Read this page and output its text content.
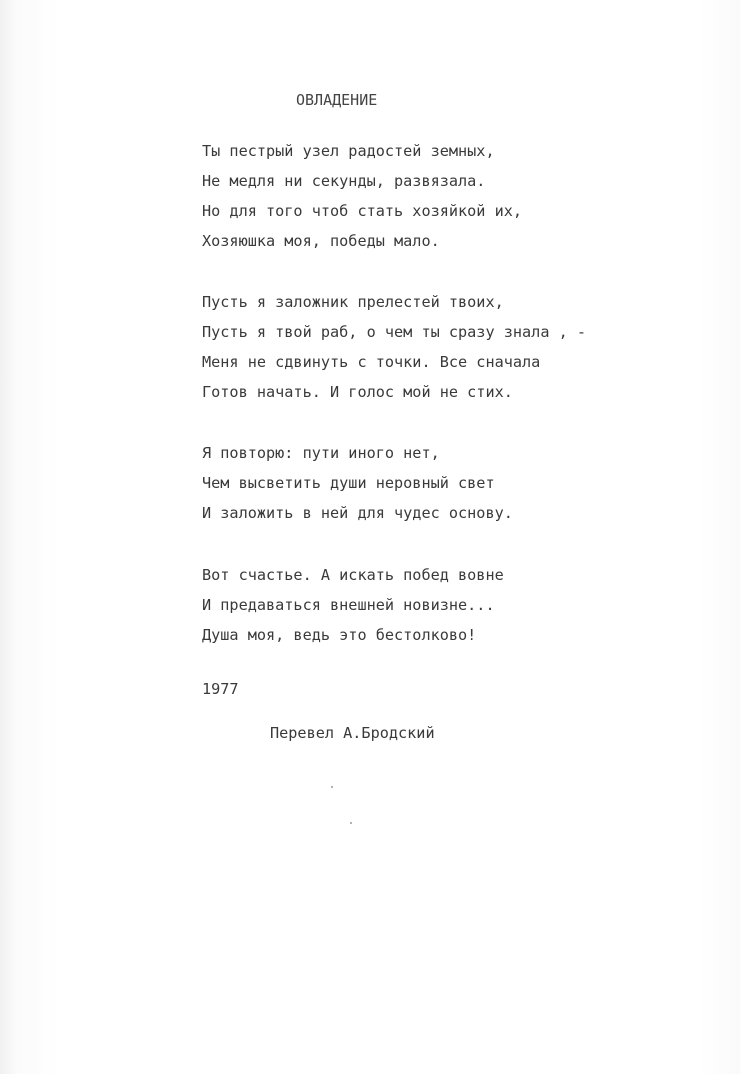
ОВЛАДЕНИЕ
Ты пестрый узел радостей земных,
Не медля ни секунды, развязала.
Но для того чтоб стать хозяйкой их,
Хозяюшка моя, победы мало.
Пусть я заложник прелестей твоих,
Пусть я твой раб, о чем ты сразу знала , -
Меня не сдвинуть с точки. Все сначала
Готов начать. И голос мой не стих.
Я повторю: пути иного нет,
Чем высветить души неровный свет
И заложить в ней для чудес основу.
Вот счастье. А искать побед вовне
И предаваться внешней новизне...
Душа моя, ведь это бестолково!
1977
Перевел А.Бродский
